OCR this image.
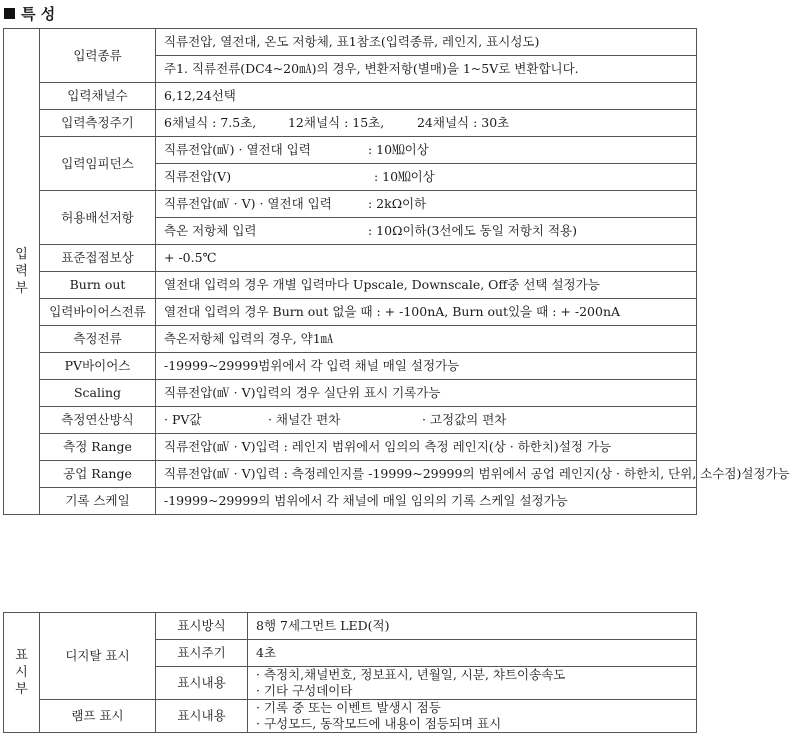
특 성
입력부	입력종류	직류전압, 열전대, 온도 저항체, 표1참조(입력종류, 레인지, 표시성도)
		주1. 직류전류(DC4~20㎃)의 경우, 변환저항(별매)을 1~5V로 변환합니다.
	입력채널수	6,12,24선택
	입력측정주기	6채널식 : 7.5초, 12채널식 : 15초, 24채널식 : 30초
	입력임피던스	직류전압(㎷) · 열전대 입력 : 10㏁이상
		직류전압(V) : 10㏁이상
	허용배선저항	직류전압(㎷ · V) · 열전대 입력 : 2kΩ이하
		측온 저항체 입력 : 10Ω이하(3선에도 동일 저항치 적용)
	표준접점보상	+ -0.5℃
	Burn out	열전대 입력의 경우 개별 입력마다 Upscale, Downscale, Off중 선택 설정가능
	입력바이어스전류	열전대 입력의 경우 Burn out 없을 때 : + -100nA, Burn out있을 때 : + -200nA
	측정전류	측온저항체 입력의 경우, 약1㎃
	PV바이어스	-19999~29999범위에서 각 입력 채널 매일 설정가능
	Scaling	직류전압(㎷ · V)입력의 경우 실단위 표시 기록가능
	측정연산방식	· PV값 · 채널간 편차 · 고정값의 편차
	측정 Range	직류전압(㎷ · V)입력 : 레인지 범위에서 임의의 측정 레인지(상 · 하한치)설정 가능
	공업 Range	직류전압(㎷ · V)입력 : 측정레인지를 -19999~29999의 범위에서 공업 레인지(상 · 하한치, 단위, 소수점)설정가능
	기록 스케일	-19999~29999의 범위에서 각 채널에 매일 임의의 기록 스케일 설정가능
표시부	디지탈 표시	표시방식	8행 7세그먼트 LED(적)
		표시주기	4초
		표시내용	· 측정치,채널번호, 정보표시, 년월일, 시분, 챠트이송속도
· 기타 구성데이타

	램프 표시	표시내용	· 기록 중 또는 이벤트 발생시 점등
· 구성모드, 동작모드에 내용이 점등되며 표시
